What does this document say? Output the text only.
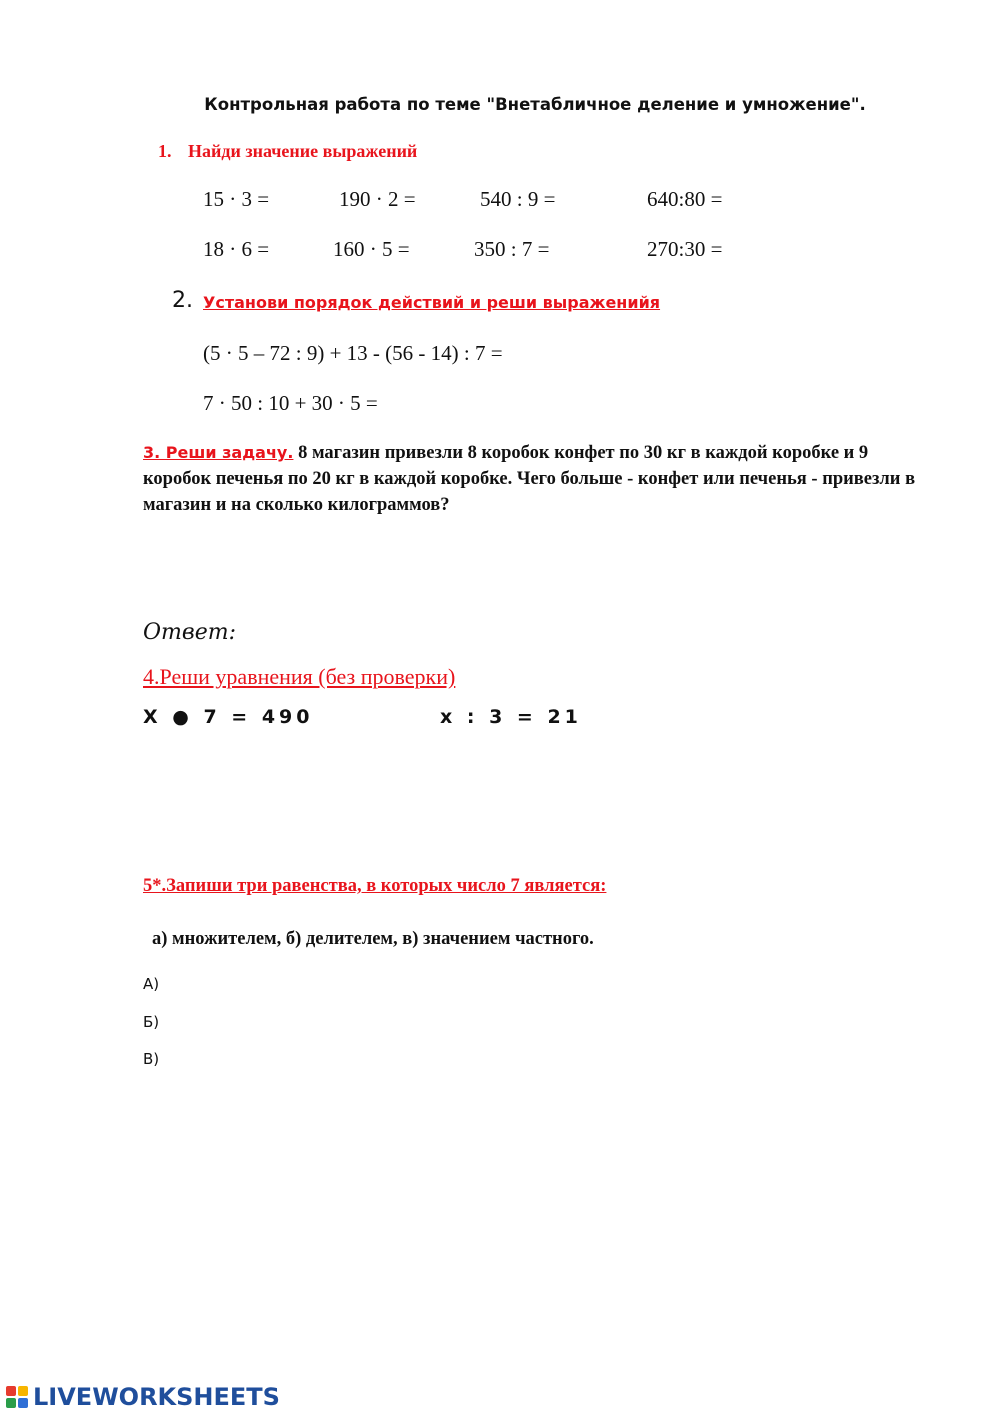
Контрольная работа по теме "Внетабличное деление и умножение".
1. Найди значение выражений
15 · 3 =	190 · 2 =	540 : 9 =	640:80 =
18 · 6 =	160 · 5 =	350 : 7 =	270:30 =
2. Установи порядок действий и реши выраженийя
(5 · 5 – 72 : 9) + 13 - (56 - 14) : 7 =
7 · 50 : 10 + 30 · 5 =
3. Реши задачу. 8 магазин привезли 8 коробок конфет по 30 кг в каждой коробке и 9 коробок печенья по 20 кг в каждой коробке. Чего больше - конфет или печенья - привезли в магазин и на сколько килограммов?
Ответ:
4.Реши уравнения (без проверки)
X ● 7 = 490	x : 3 = 21
5*.Запиши три равенства, в которых число 7 является:
а) множителем, б) делителем, в) значением частного.
А)
Б)
В)
LIVEWORKSHEETS
